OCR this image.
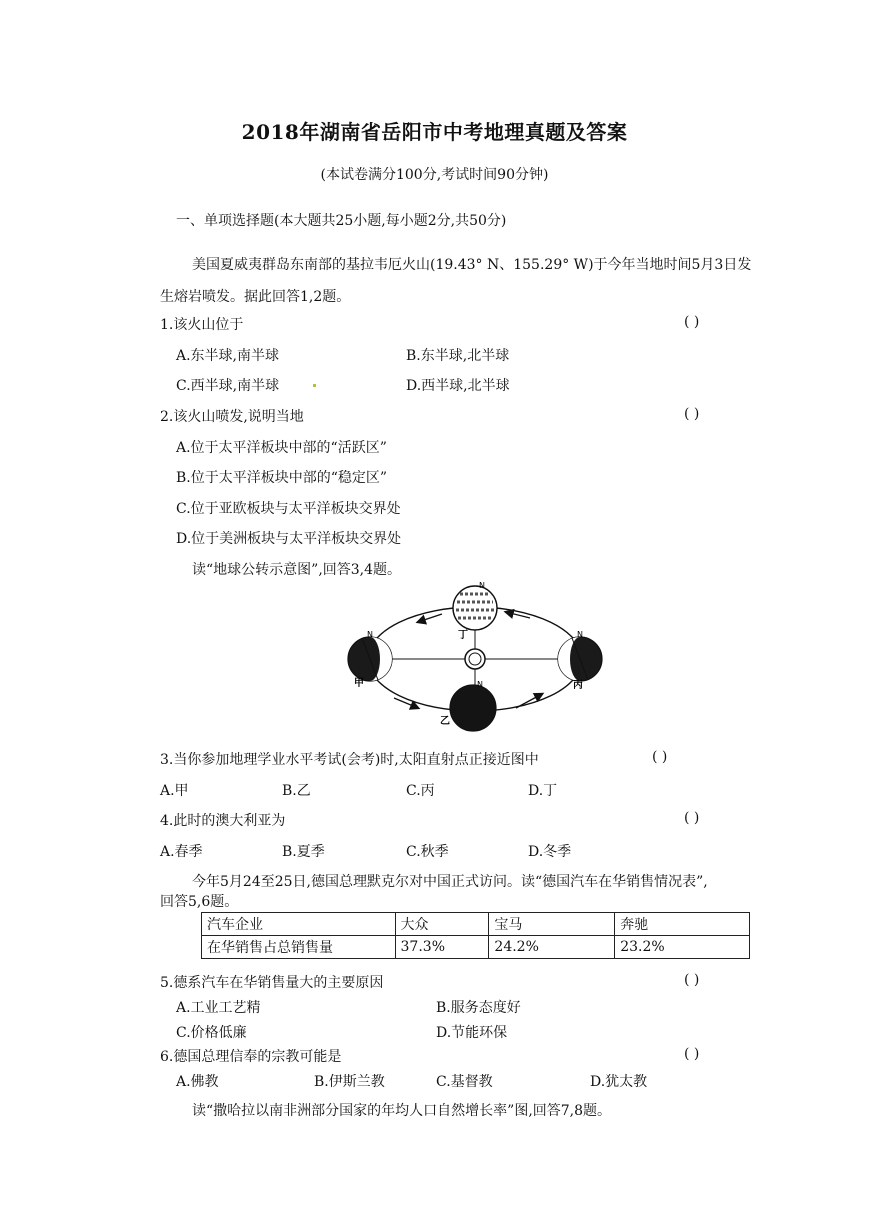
2018年湖南省岳阳市中考地理真题及答案
(本试卷满分100分,考试时间90分钟)
一、单项选择题(本大题共25小题,每小题2分,共50分)
美国夏威夷群岛东南部的基拉韦厄火山(19.43° N、155.29° W)于今年当地时间5月3日发
生熔岩喷发。据此回答1,2题。
1.该火山位于	( )
A.东半球,南半球	B.东半球,北半球
C.西半球,南半球	D.西半球,北半球
2.该火山喷发,说明当地	( )
A.位于太平洋板块中部的“活跃区”
B.位于太平洋板块中部的“稳定区”
C.位于亚欧板块与太平洋板块交界处
D.位于美洲板块与太平洋板块交界处
读“地球公转示意图”,回答3,4题。
N	N
N
N
甲
乙
丙
丁
3.当你参加地理学业水平考试(会考)时,太阳直射点正接近图中	( )
A.甲	B.乙	C.丙	D.丁
4.此时的澳大利亚为	( )
A.春季	B.夏季	C.秋季	D.冬季
今年5月24至25日,德国总理默克尔对中国正式访问。读“德国汽车在华销售情况表”,
回答5,6题。
汽车企业	大众	宝马	奔驰
在华销售占总销售量	37.3%	24.2%	23.2%
5.德系汽车在华销售量大的主要原因	( )
A.工业工艺精	B.服务态度好
C.价格低廉	D.节能环保
6.德国总理信奉的宗教可能是	( )
A.佛教	B.伊斯兰教	C.基督教	D.犹太教
读“撒哈拉以南非洲部分国家的年均人口自然增长率”图,回答7,8题。
